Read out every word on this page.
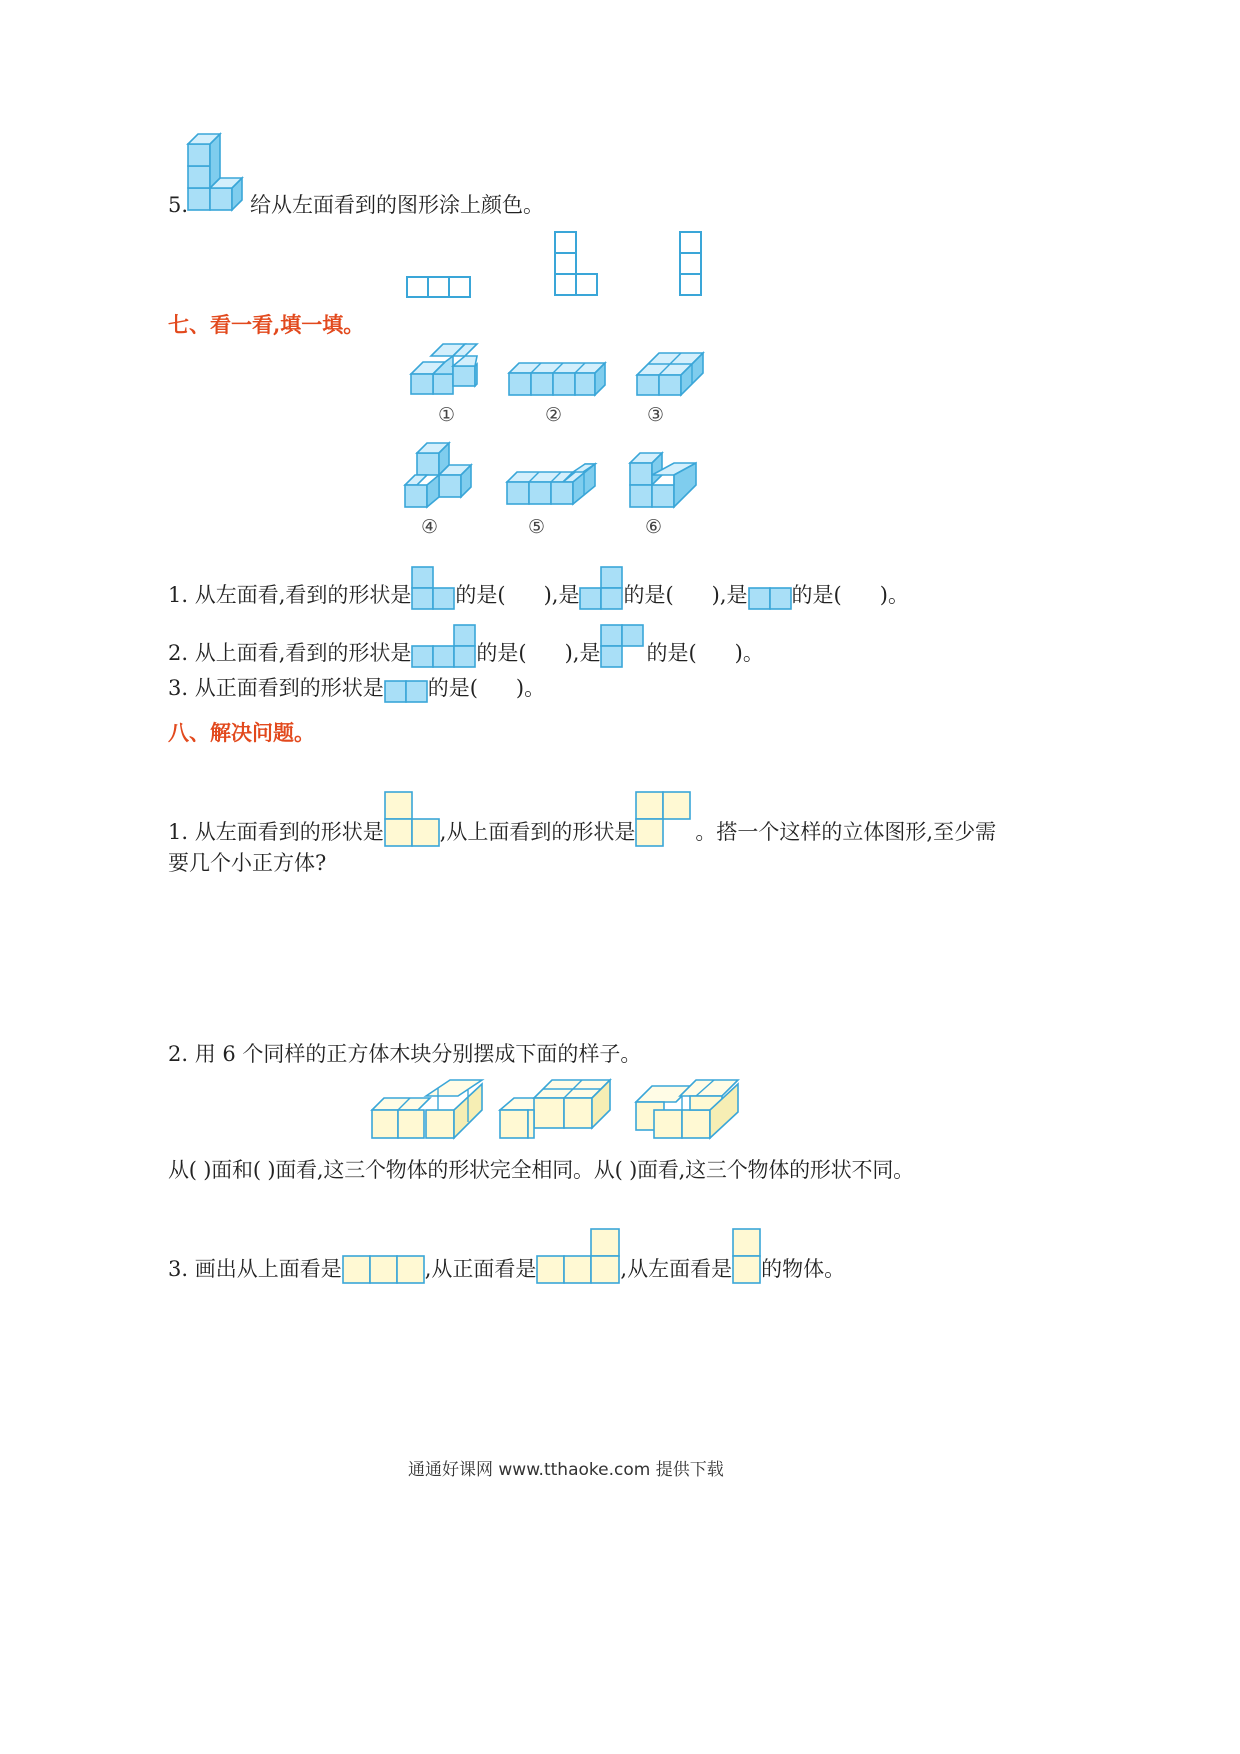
5.	给从左面看到的图形涂上颜色。
七、看一看,填一填。
①	②	③
④	⑤	⑥
1. 从左面看,看到的形状是 的是( ),是 的是( ),是 的是( )。
2. 从上面看,看到的形状是	的是( ),是 的是( )。
3. 从正面看到的形状是 的是( )。
八、解决问题。
1. 从左面看到的形状是	,从上面看到的形状是	。搭一个这样的立体图形,至少需
要几个小正方体?
2. 用 6 个同样的正方体木块分别摆成下面的样子。
从( )面和( )面看,这三个物体的形状完全相同。从( )面看,这三个物体的形状不同。
3. 画出从上面看是	,从正面看是	,从左面看是 的物体。
通通好课网 www.tthaoke.com 提供下载
